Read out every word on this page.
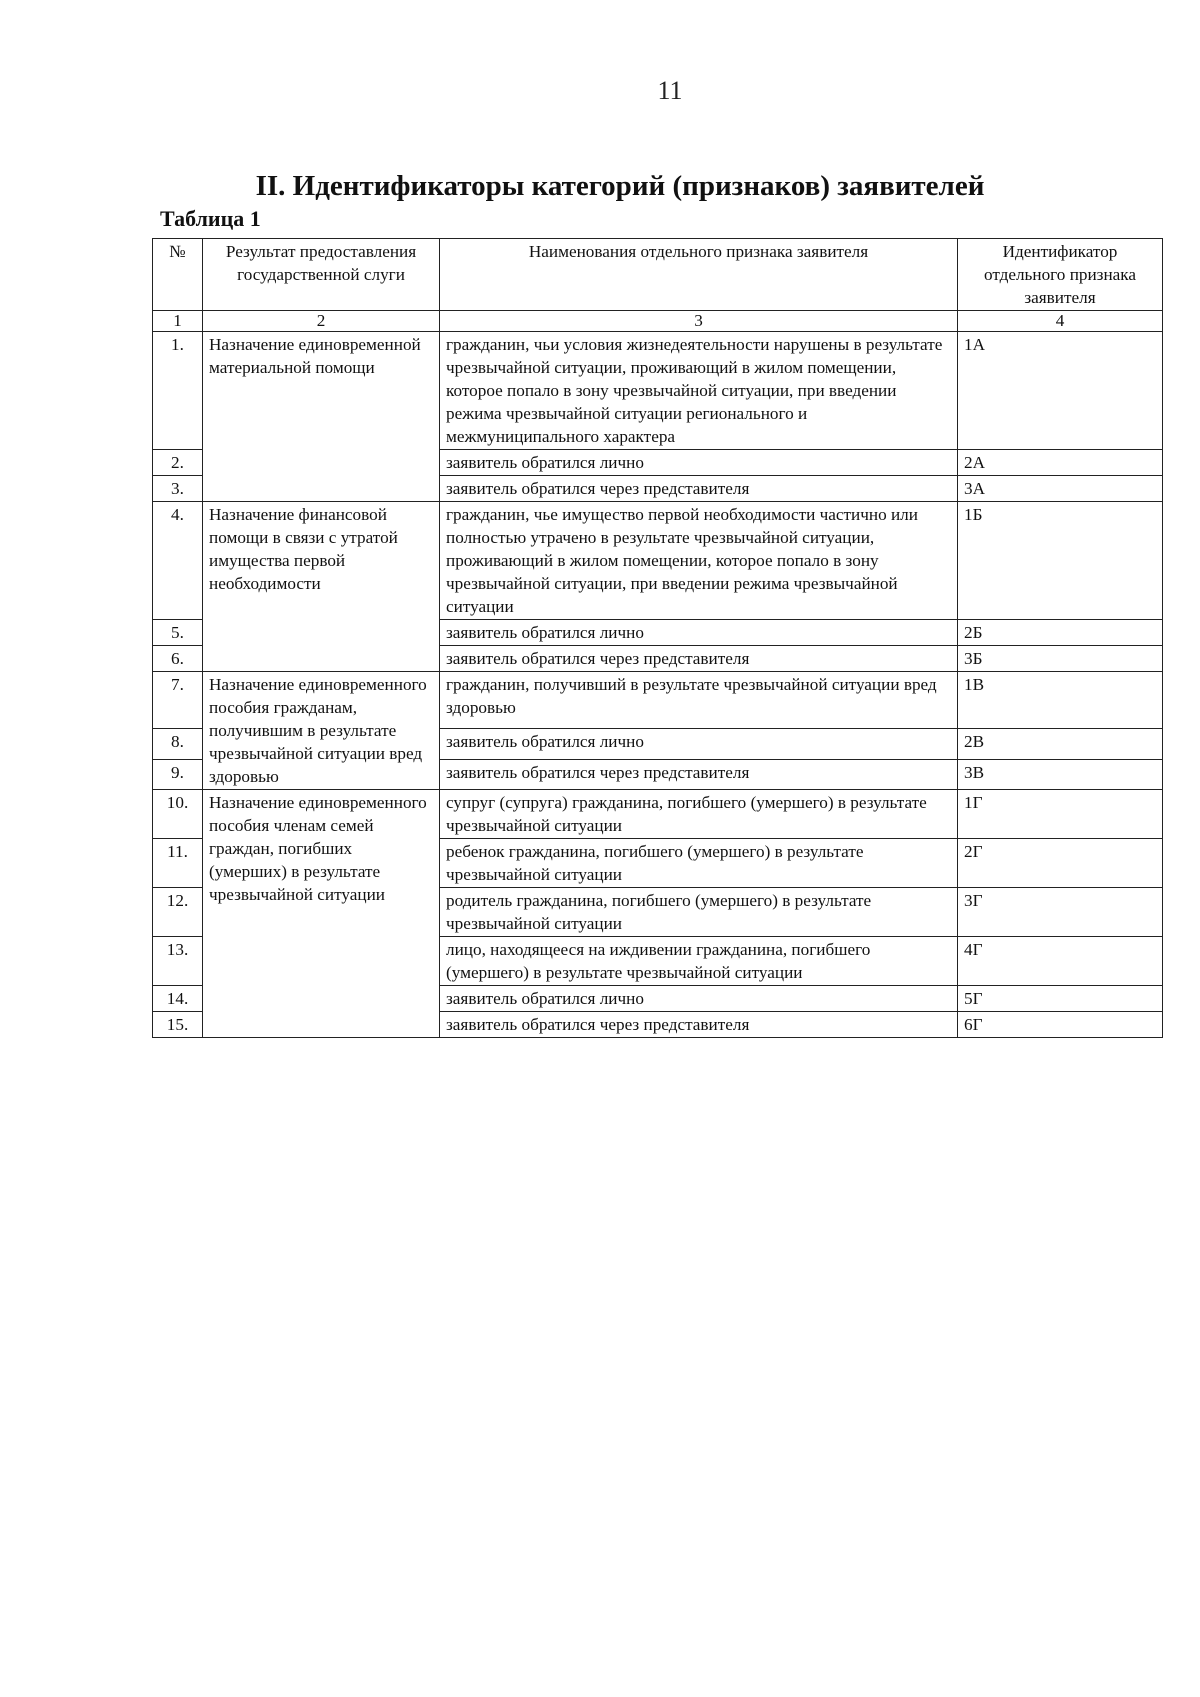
11
II. Идентификаторы категорий (признаков) заявителей
Таблица 1
№	Результат предоставления государственной слуги	Наименования отдельного признака заявителя	Идентификатор отдельного признака заявителя
1	2	3	4
1.	Назначение единовременной материальной помощи	гражданин, чьи условия жизнедеятельности нарушены в результате чрезвычайной ситуации, проживающий в жилом помещении, которое попало в зону чрезвычайной ситуации, при введении режима чрезвычайной ситуации регионального и межмуниципального характера	1А
2.		заявитель обратился лично	2А
3.		заявитель обратился через представителя	3А
4.	Назначение финансовой помощи в связи с утратой имущества первой необходимости	гражданин, чье имущество первой необходимости частично или полностью утрачено в результате чрезвычайной ситуации, проживающий в жилом помещении, которое попало в зону чрезвычайной ситуации, при введении режима чрезвычайной ситуации	1Б
5.		заявитель обратился лично	2Б
6.		заявитель обратился через представителя	3Б
7.	Назначение единовременного пособия гражданам, получившим в результате чрезвычайной ситуации вред здоровью	гражданин, получивший в результате чрезвычайной ситуации вред здоровью	1В
8.		заявитель обратился лично	2В
9.		заявитель обратился через представителя	3В
10.	Назначение единовременного пособия членам семей граждан, погибших (умерших) в результате чрезвычайной ситуации	супруг (супруга) гражданина, погибшего (умершего) в результате чрезвычайной ситуации	1Г
11.		ребенок гражданина, погибшего (умершего) в результате чрезвычайной ситуации	2Г
12.		родитель гражданина, погибшего (умершего) в результате чрезвычайной ситуации	3Г
13.		лицо, находящееся на иждивении гражданина, погибшего (умершего) в результате чрезвычайной ситуации	4Г
14.		заявитель обратился лично	5Г
15.		заявитель обратился через представителя	6Г
